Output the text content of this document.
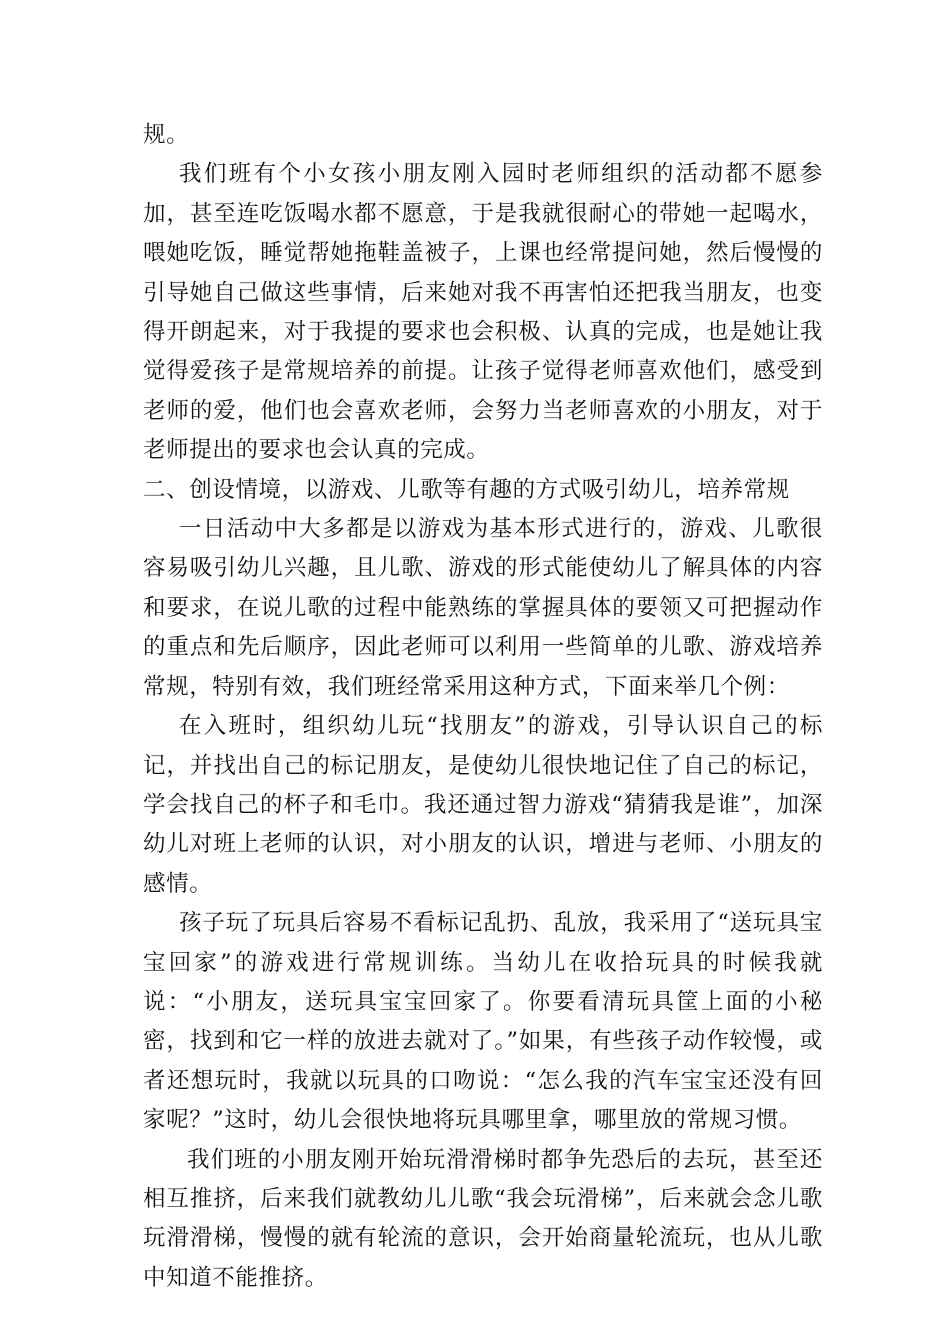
规。

我们班有个小女孩小朋友刚入园时老师组织的活动都不愿参加，甚至连吃饭喝水都不愿意，于是我就很耐心的带她一起喝水，喂她吃饭，睡觉帮她拖鞋盖被子，上课也经常提问她，然后慢慢的引导她自己做这些事情，后来她对我不再害怕还把我当朋友，也变得开朗起来，对于我提的要求也会积极、认真的完成，也是她让我觉得爱孩子是常规培养的前提。让孩子觉得老师喜欢他们，感受到老师的爱，他们也会喜欢老师，会努力当老师喜欢的小朋友，对于老师提出的要求也会认真的完成。

二、创设情境，以游戏、儿歌等有趣的方式吸引幼儿，培养常规

一日活动中大多都是以游戏为基本形式进行的，游戏、儿歌很容易吸引幼儿兴趣，且儿歌、游戏的形式能使幼儿了解具体的内容和要求，在说儿歌的过程中能熟练的掌握具体的要领又可把握动作的重点和先后顺序，因此老师可以利用一些简单的儿歌、游戏培养常规，特别有效，我们班经常采用这种方式，下面来举几个例：

在入班时，组织幼儿玩“找朋友”的游戏，引导认识自己的标记，并找出自己的标记朋友，是使幼儿很快地记住了自己的标记，学会找自己的杯子和毛巾。我还通过智力游戏“猜猜我是谁”，加深幼儿对班上老师的认识，对小朋友的认识，增进与老师、小朋友的感情。

孩子玩了玩具后容易不看标记乱扔、乱放，我采用了“送玩具宝宝回家”的游戏进行常规训练。当幼儿在收拾玩具的时候我就说：“小朋友，送玩具宝宝回家了。你要看清玩具筐上面的小秘密，找到和它一样的放进去就对了。”如果，有些孩子动作较慢，或者还想玩时，我就以玩具的口吻说：“怎么我的汽车宝宝还没有回家呢？”这时，幼儿会很快地将玩具哪里拿，哪里放的常规习惯。

我们班的小朋友刚开始玩滑滑梯时都争先恐后的去玩，甚至还相互推挤，后来我们就教幼儿儿歌“我会玩滑梯”，后来就会念儿歌玩滑滑梯，慢慢的就有轮流的意识，会开始商量轮流玩，也从儿歌中知道不能推挤。
